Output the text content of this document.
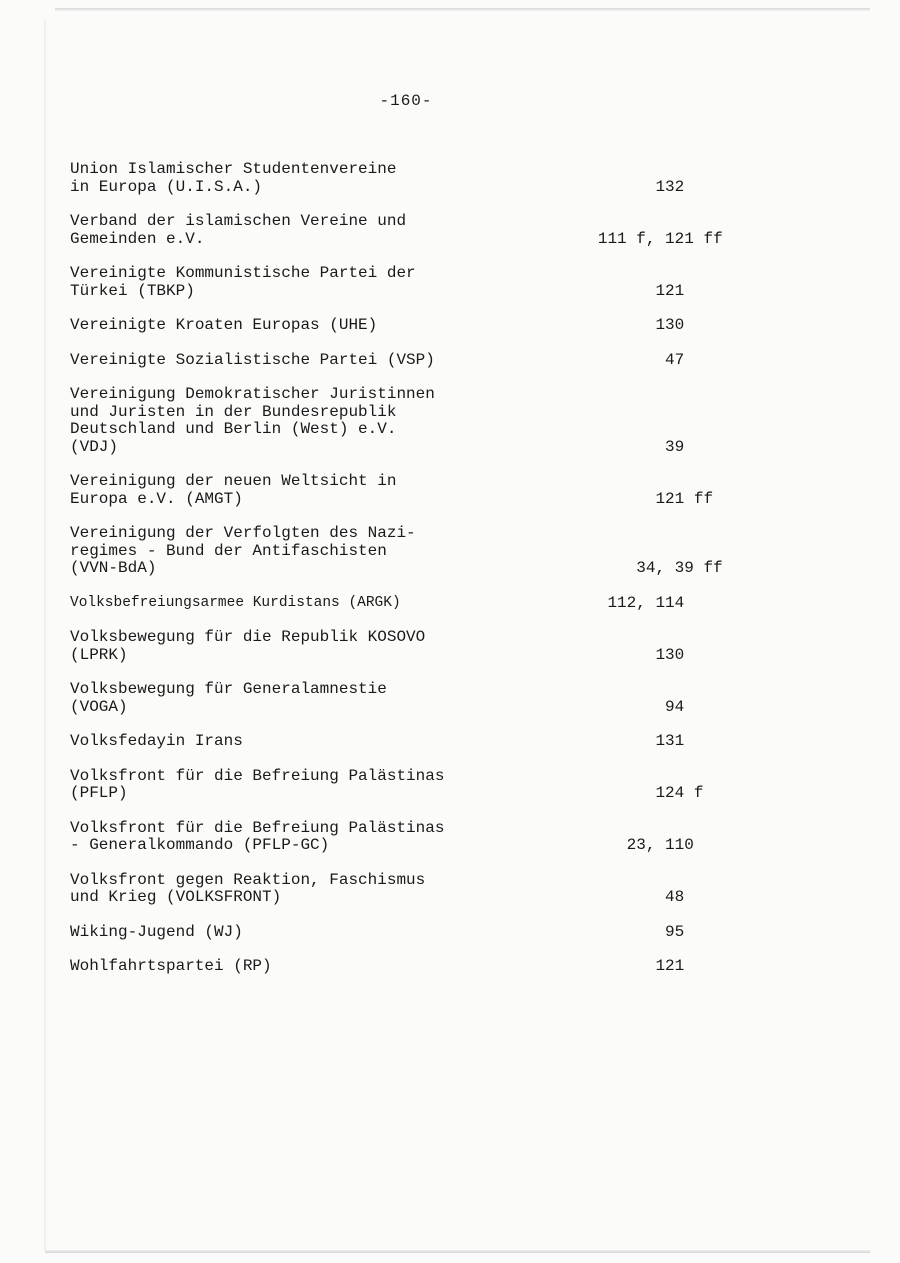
-160-
Union Islamischer Studentenvereine
in Europa (U.I.S.A.)	132
Verband der islamischen Vereine und
Gemeinden e.V.	111 f, 121 ff
Vereinigte Kommunistische Partei der
Türkei (TBKP)	121
Vereinigte Kroaten Europas (UHE)	130
Vereinigte Sozialistische Partei (VSP)	47
Vereinigung Demokratischer Juristinnen
und Juristen in der Bundesrepublik
Deutschland und Berlin (West) e.V.
(VDJ)	39
Vereinigung der neuen Weltsicht in
Europa e.V. (AMGT)	121 ff
Vereinigung der Verfolgten des Nazi-
regimes - Bund der Antifaschisten
(VVN-BdA)	34, 39 ff
Volksbefreiungsarmee Kurdistans (ARGK)	112, 114
Volksbewegung für die Republik KOSOVO
(LPRK)	130
Volksbewegung für Generalamnestie
(VOGA)	94
Volksfedayin Irans	131
Volksfront für die Befreiung Palästinas
(PFLP)	124 f
Volksfront für die Befreiung Palästinas
- Generalkommando (PFLP-GC)	23, 110
Volksfront gegen Reaktion, Faschismus
und Krieg (VOLKSFRONT)	48
Wiking-Jugend (WJ)	95
Wohlfahrtspartei (RP)	121
